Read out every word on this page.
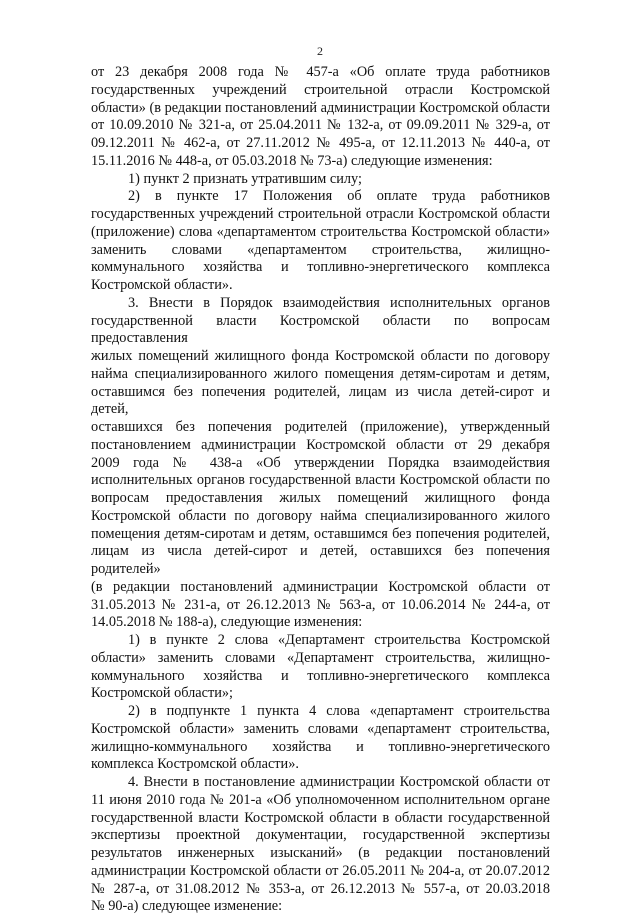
2

от 23 декабря 2008 года № 457-а «Об оплате труда работников

государственных учреждений строительной отрасли Костромской

области» (в редакции постановлений администрации Костромской области

от 10.09.2010 № 321-а, от 25.04.2011 № 132-а, от 09.09.2011 № 329-а, от

09.12.2011 № 462-а, от 27.11.2012 № 495-а, от 12.11.2013 № 440-а, от

15.11.2016 № 448-а, от 05.03.2018 № 73-а) следующие изменения:

1) пункт 2 признать утратившим силу;

2) в пункте 17 Положения об оплате труда работников

государственных учреждений строительной отрасли Костромской области

(приложение) слова «департаментом строительства Костромской области»

заменить словами «департаментом строительства, жилищно-

коммунального хозяйства и топливно-энергетического комплекса

Костромской области».

3. Внести в Порядок взаимодействия исполнительных органов

государственной власти Костромской области по вопросам предоставления

жилых помещений жилищного фонда Костромской области по договору

найма специализированного жилого помещения детям-сиротам и детям,

оставшимся без попечения родителей, лицам из числа детей-сирот и детей,

оставшихся без попечения родителей (приложение), утвержденный

постановлением администрации Костромской области от 29 декабря

2009 года № 438-а «Об утверждении Порядка взаимодействия

исполнительных органов государственной власти Костромской области по

вопросам предоставления жилых помещений жилищного фонда

Костромской области по договору найма специализированного жилого

помещения детям-сиротам и детям, оставшимся без попечения родителей,

лицам из числа детей-сирот и детей, оставшихся без попечения родителей»

(в редакции постановлений администрации Костромской области от

31.05.2013 № 231-а, от 26.12.2013 № 563-а, от 10.06.2014 № 244-а, от

14.05.2018 № 188-а), следующие изменения:

1) в пункте 2 слова «Департамент строительства Костромской

области» заменить словами «Департамент строительства, жилищно-

коммунального хозяйства и топливно-энергетического комплекса

Костромской области»;

2) в подпункте 1 пункта 4 слова «департамент строительства

Костромской области» заменить словами «департамент строительства,

жилищно-коммунального хозяйства и топливно-энергетического

комплекса Костромской области».

4. Внести в постановление администрации Костромской области от

11 июня 2010 года № 201-а «Об уполномоченном исполнительном органе

государственной власти Костромской области в области государственной

экспертизы проектной документации, государственной экспертизы

результатов инженерных изысканий» (в редакции постановлений

администрации Костромской области от 26.05.2011 № 204-а, от 20.07.2012

№ 287-а, от 31.08.2012 № 353-а, от 26.12.2013 № 557-а, от 20.03.2018

№ 90-а) следующее изменение:
